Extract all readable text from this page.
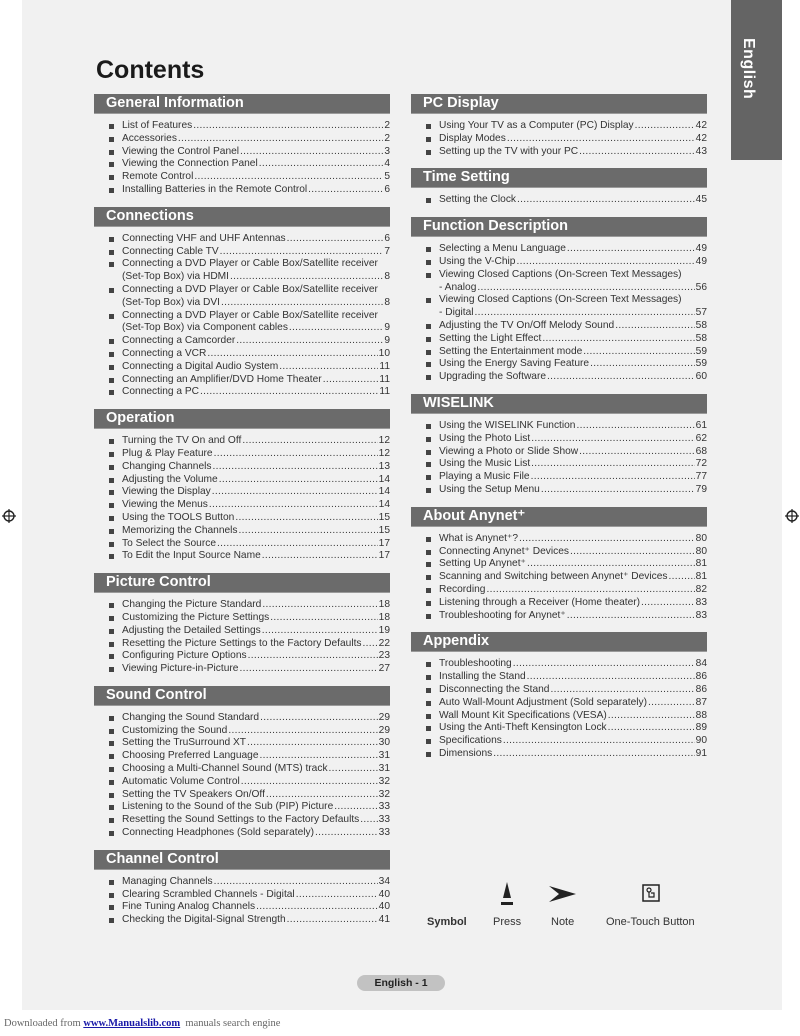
English
Contents
General Information
List of Features .....	2
Accessories .....	2
Viewing the Control Panel .....	3
Viewing the Connection Panel .....	4
Remote Control .....	5
Installing Batteries in the Remote Control .....	6
Connections
Connecting VHF and UHF Antennas .....	6
Connecting Cable TV .....	7
Connecting a DVD Player or Cable Box/Satellite receiver
(Set-Top Box) via HDMI .....	8
Connecting a DVD Player or Cable Box/Satellite receiver
(Set-Top Box) via DVI .....	8
Connecting a DVD Player or Cable Box/Satellite receiver
(Set-Top Box) via Component cables .....	9
Connecting a Camcorder .....	9
Connecting a VCR .....	10
Connecting a Digital Audio System .....	11
Connecting an Amplifier/DVD Home Theater .....	11
Connecting a PC .....	11
Operation
Turning the TV On and Off .....	12
Plug & Play Feature .....	12
Changing Channels .....	13
Adjusting the Volume .....	14
Viewing the Display .....	14
Viewing the Menus .....	14
Using the TOOLS Button .....	15
Memorizing the Channels .....	15
To Select the Source .....	17
To Edit the Input Source Name .....	17
Picture Control
Changing the Picture Standard .....	18
Customizing the Picture Settings .....	18
Adjusting the Detailed Settings .....	19
Resetting the Picture Settings to the Factory Defaults ..... 22
Configuring Picture Options .....	23
Viewing Picture-in-Picture .....	27
Sound Control
Changing the Sound Standard .....	29
Customizing the Sound .....	29
Setting the TruSurround XT .....	30
Choosing Preferred Language .....	31
Choosing a Multi-Channel Sound (MTS) track .....	31
Automatic Volume Control .....	32
Setting the TV Speakers On/Off .....	32
Listening to the Sound of the Sub (PIP) Picture .....	33
Resetting the Sound Settings to the Factory Defaults ..... 33
Connecting Headphones (Sold separately) .....	33
Channel Control
Managing Channels .....	34
Clearing Scrambled Channels - Digital .....	40
Fine Tuning Analog Channels .....	40
Checking the Digital-Signal Strength .....	41
PC Display
Using Your TV as a Computer (PC) Display .....	42
Display Modes .....	42
Setting up the TV with your PC .....	43
Time Setting
Setting the Clock .....	45
Function Description
Selecting a Menu Language .....	49
Using the V-Chip .....	49
Viewing Closed Captions (On-Screen Text Messages)
- Analog .....	56
Viewing Closed Captions (On-Screen Text Messages)
- Digital .....	57
Adjusting the TV On/Off Melody Sound .....	58
Setting the Light Effect .....	58
Setting the Entertainment mode .....	59
Using the Energy Saving Feature .....	59
Upgrading the Software .....	60
WISELINK
Using the WISELINK Function .....	61
Using the Photo List .....	62
Viewing a Photo or Slide Show .....	68
Using the Music List .....	72
Playing a Music File .....	77
Using the Setup Menu .....	79
About Anynet⁺
What is Anynet⁺? .....	80
Connecting Anynet⁺ Devices .....	80
Setting Up Anynet⁺ .....	81
Scanning and Switching between Anynet⁺ Devices .....	81
Recording .....	82
Listening through a Receiver (Home theater) .....	83
Troubleshooting for Anynet⁺ .....	83
Appendix
Troubleshooting .....	84
Installing the Stand .....	86
Disconnecting the Stand .....	86
Auto Wall-Mount Adjustment (Sold separately) .....	87
Wall Mount Kit Specifications (VESA) .....	88
Using the Anti-Theft Kensington Lock .....	89
Specifications .....	90
Dimensions .....	91
Symbol Press	Note	One-Touch Button
English - 1
Downloaded from www.Manualslib.com manuals search engine
